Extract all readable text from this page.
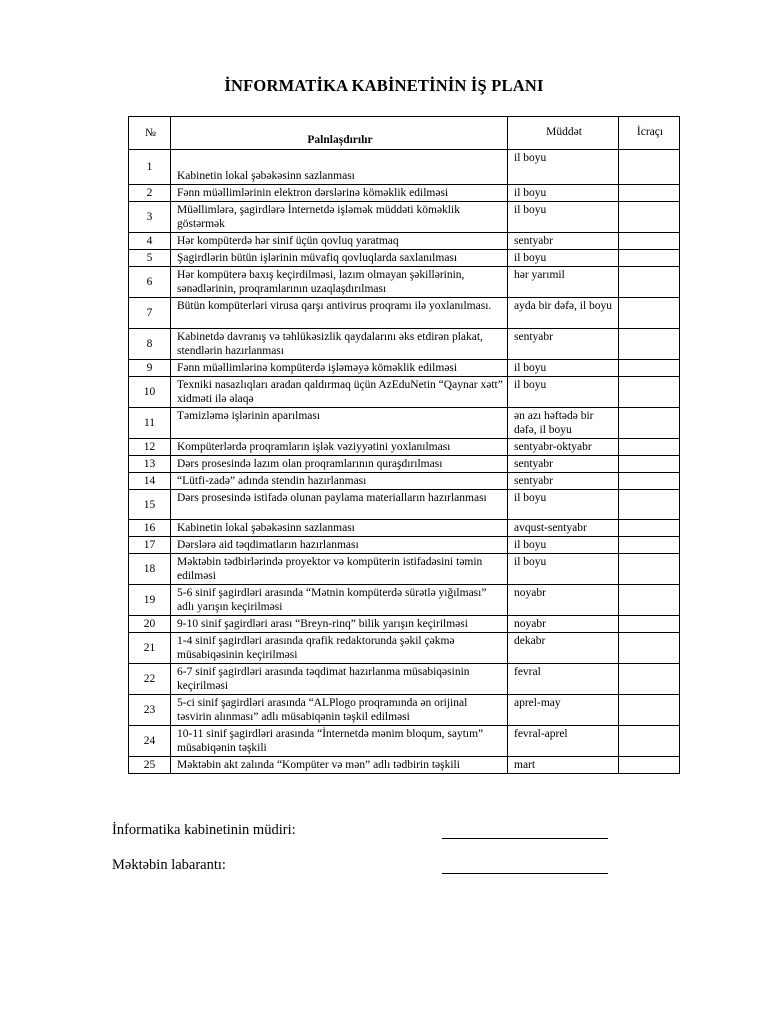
İNFORMATİKA KABİNETİNİN İŞ PLANI
№	Palnlaşdırılır	Müddət	İcraçı
1	Kabinetin lokal şəbəkəsinn sazlanması	il boyu	
2	Fənn müəllimlərinin elektron dərslərinə köməklik edilməsi	il boyu	
3	Müəllimlərə, şagirdlərə İnternetdə işləmək müddəti köməklik göstərmək	il boyu	
4	Hər kompüterdə hər sinif üçün qovluq yaratmaq	sentyabr	
5	Şagirdlərin bütün işlərinin müvafiq qovluqlarda saxlanılması	il boyu	
6	Hər kompüterə baxış keçirdilməsi, lazım olmayan şəkillərinin, sənədlərinin, proqramlarının uzaqlaşdırılması	hər yarımil	
7	Bütün kompüterləri virusa qarşı antivirus proqramı ilə yoxlanılması.	ayda bir dəfə, il boyu	
8	Kabinetdə davranış və təhlükəsizlik qaydalarını əks etdirən plakat, stendlərin hazırlanması	sentyabr	
9	Fənn müəllimlərinə kompüterdə işləməyə köməklik edilməsi	il boyu	
10	Texniki nasazlıqları aradan qaldırmaq üçün AzEduNetin “Qaynar xətt” xidməti ilə əlaqə	il boyu	
11	Təmizləmə işlərinin aparılması	ən azı həftədə bir dəfə, il boyu	
12	Kompüterlərdə proqramların işlək vəziyyətini yoxlanılması	sentyabr-oktyabr	
13	Dərs prosesində lazım olan proqramlarının quraşdırılması	sentyabr	
14	“Lütfi-zadə” adında stendin hazırlanması	sentyabr	
15	Dərs prosesində istifadə olunan paylama materialların hazırlanması	il boyu	
16	Kabinetin lokal şəbəkəsinn sazlanması	avqust-sentyabr	
17	Dərslərə aid təqdimatların hazırlanması	il boyu	
18	Məktəbin tədbirlərində proyektor və kompüterin istifadəsini təmin edilməsi	il boyu	
19	5-6 sinif şagirdləri arasında “Mətnin kompüterdə sürətlə yığılması” adlı yarışın keçirilməsi	noyabr	
20	9-10 sinif şagirdləri arası “Breyn-rinq” bilik yarışın keçirilməsi	noyabr	
21	1-4 sinif şagirdləri arasında qrafik redaktorunda şəkil çəkmə müsabiqəsinin keçirilməsi	dekabr	
22	6-7 sinif şagirdləri arasında təqdimat hazırlanma müsabiqəsinin keçirilməsi	fevral	
23	5-ci sinif şagirdləri arasında “ALPlogo proqramında ən orijinal təsvirin alınması” adlı müsabiqənin təşkil edilməsi	aprel-may	
24	10-11 sinif şagirdləri arasında “İnternetdə mənim bloqum, saytım” müsabiqənin təşkili	fevral-aprel	
25	Məktəbin akt zalında “Kompüter və mən” adlı tədbirin təşkili	mart	
İnformatika kabinetinin müdiri:
Məktəbin labarantı:
